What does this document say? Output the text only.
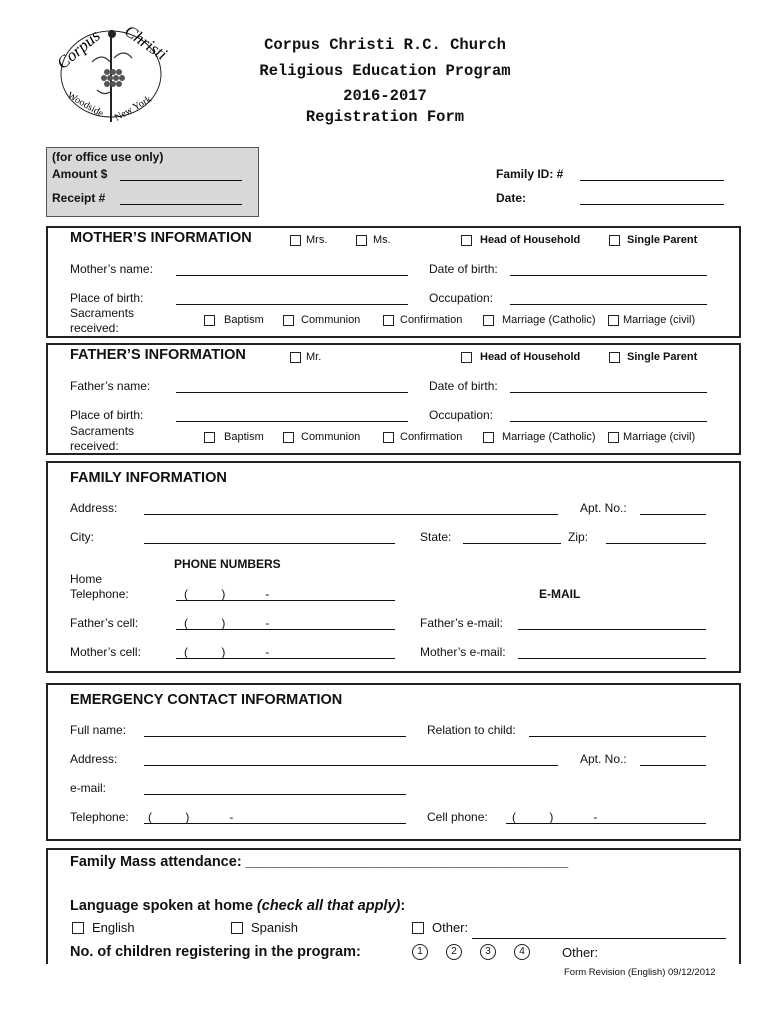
Corpus Christi
Woodside New York
Corpus Christi R.C. Church
Religious Education Program
2016-2017
Registration Form
(for office use only)
Amount $
Receipt #
Family ID: #
Date:
MOTHER’S INFORMATION	Mrs.	Ms.	Head of Household	Single Parent
Mother’s name:	Date of birth:
Place of birth:	Occupation:
Sacraments
received:
Baptism	Communion	Confirmation	Marriage (Catholic) Marriage (civil)
FATHER’S INFORMATION	Mr.	Head of Household	Single Parent
Father’s name:	Date of birth:
Place of birth:	Occupation:
Sacraments
received:
Baptism	Communion	Confirmation	Marriage (Catholic) Marriage (civil)
FAMILY INFORMATION
Address:	Apt. No.:
City:	State:	Zip:
PHONE NUMBERS
Home
Telephone:	(          )            -	E-MAIL
Father’s cell:	(          )            -	Father’s e-mail:
Mother’s cell:	(          )            -	Mother’s e-mail:
EMERGENCY CONTACT INFORMATION
Full name:	Relation to child:
Address:	Apt. No.:
e-mail:
Telephone: (          )            -	Cell phone: (          )            -
Family Mass attendance: ________________________________________
Language spoken at home (check all that apply):
English	Spanish	Other:
No. of children registering in the program:	1	2	3	4	Other:
Form Revision (English) 09/12/2012
